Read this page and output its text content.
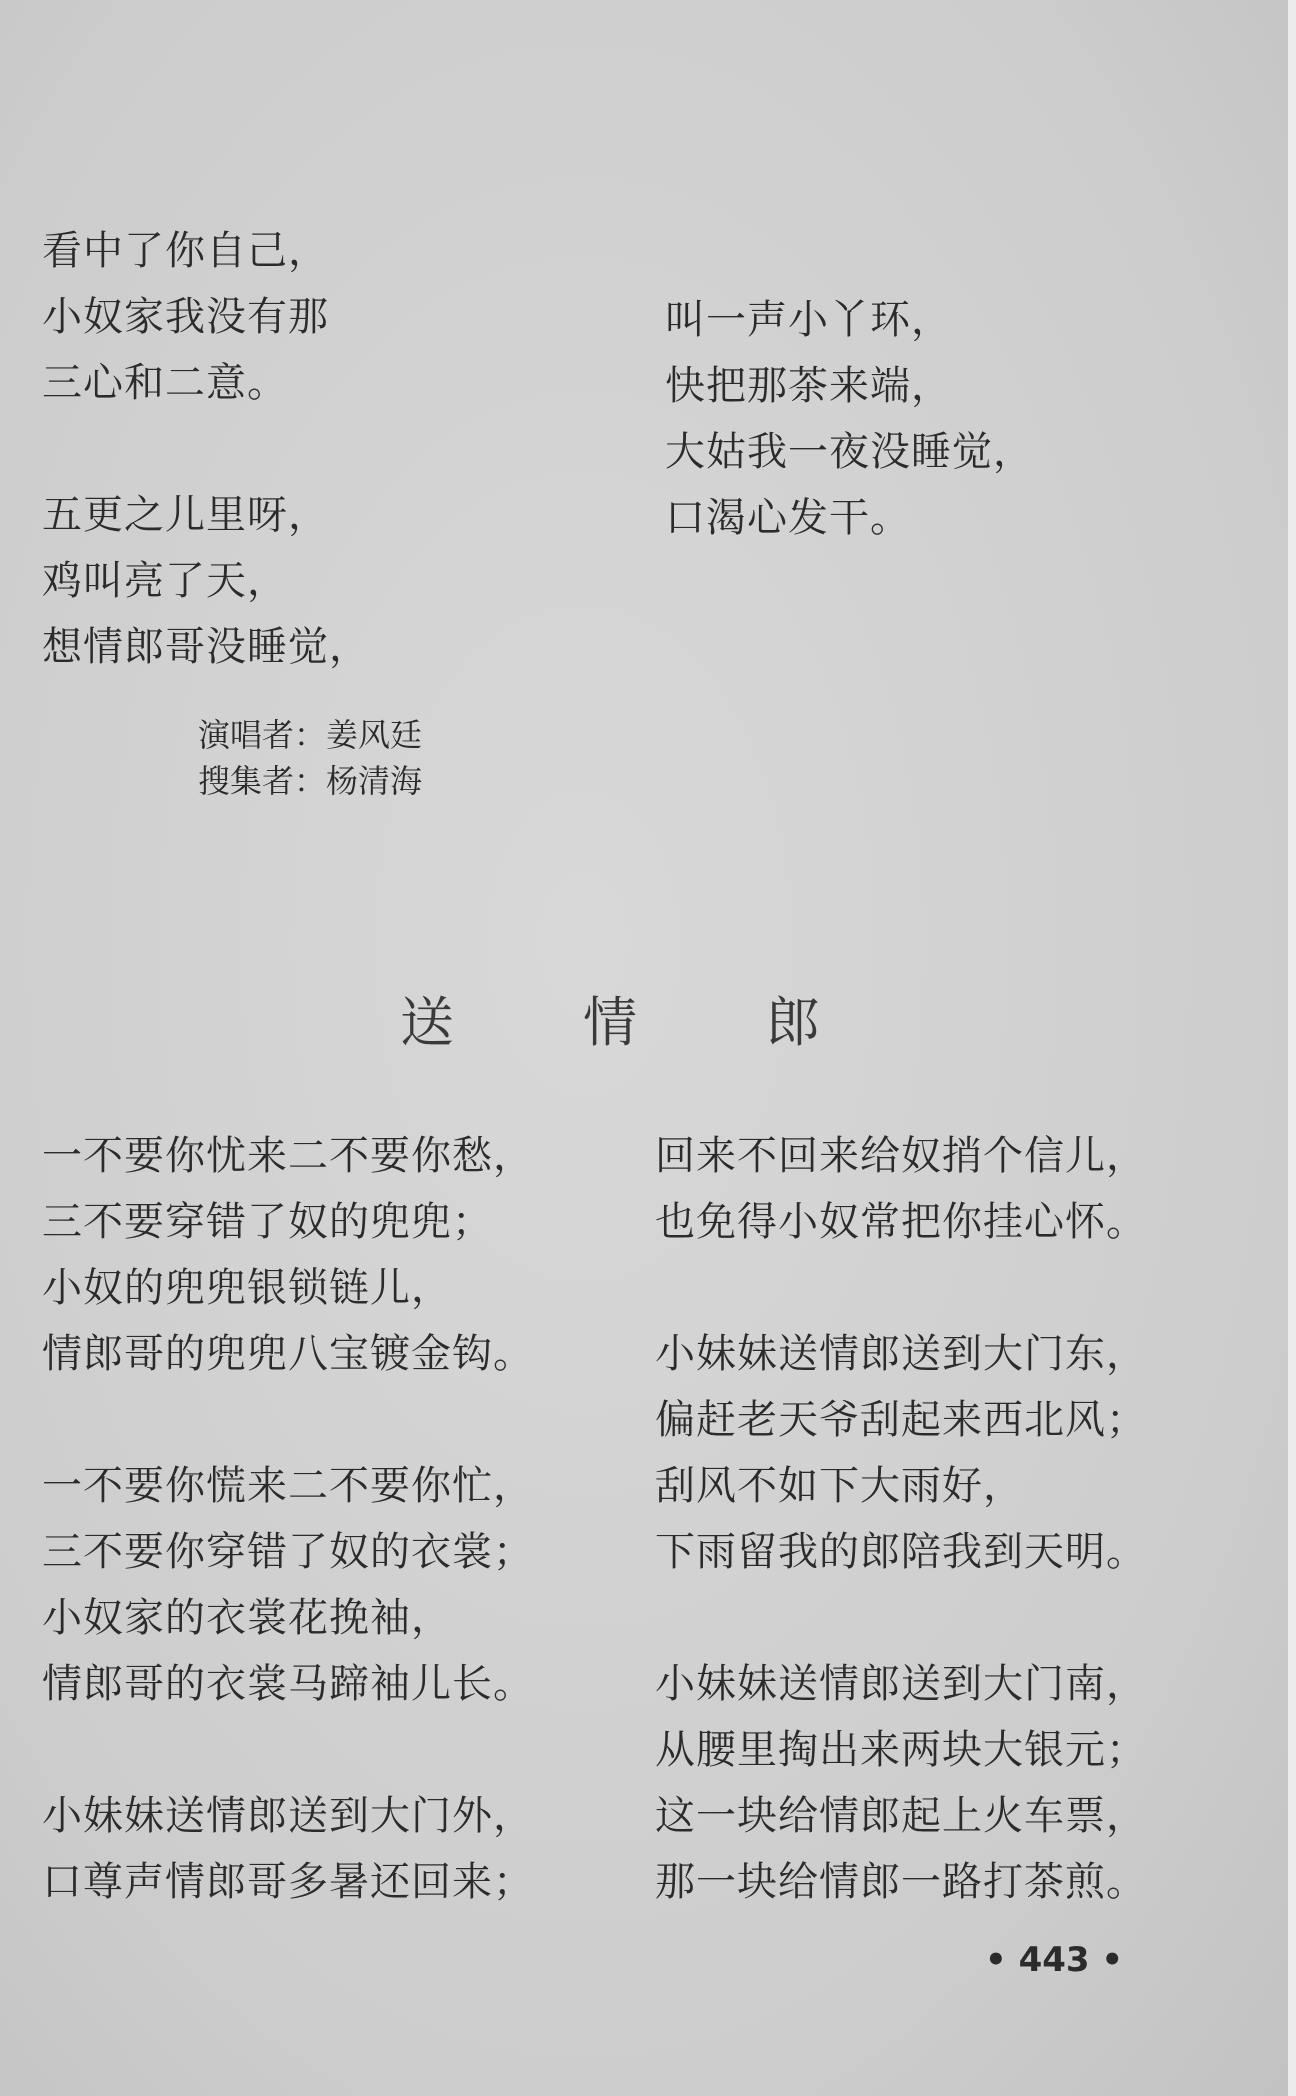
看中了你自己，
小奴家我没有那
三心和二意。
五更之儿里呀，
鸡叫亮了天，
想情郎哥没睡觉，
叫一声小丫环，
快把那茶来端，
大姑我一夜没睡觉，
口渴心发干。
演唱者：姜风廷
搜集者：杨清海
送 情 郎
一不要你忧来二不要你愁，
三不要穿错了奴的兜兜；
小奴的兜兜银锁链儿，
情郎哥的兜兜八宝镀金钩。
一不要你慌来二不要你忙，
三不要你穿错了奴的衣裳；
小奴家的衣裳花挽袖，
情郎哥的衣裳马蹄袖儿长。
小妹妹送情郎送到大门外，
口尊声情郎哥多暑还回来；
回来不回来给奴捎个信儿，
也免得小奴常把你挂心怀。
小妹妹送情郎送到大门东，
偏赶老天爷刮起来西北风；
刮风不如下大雨好，
下雨留我的郎陪我到天明。
小妹妹送情郎送到大门南，
从腰里掏出来两块大银元；
这一块给情郎起上火车票，
那一块给情郎一路打茶煎。
• 443 •
